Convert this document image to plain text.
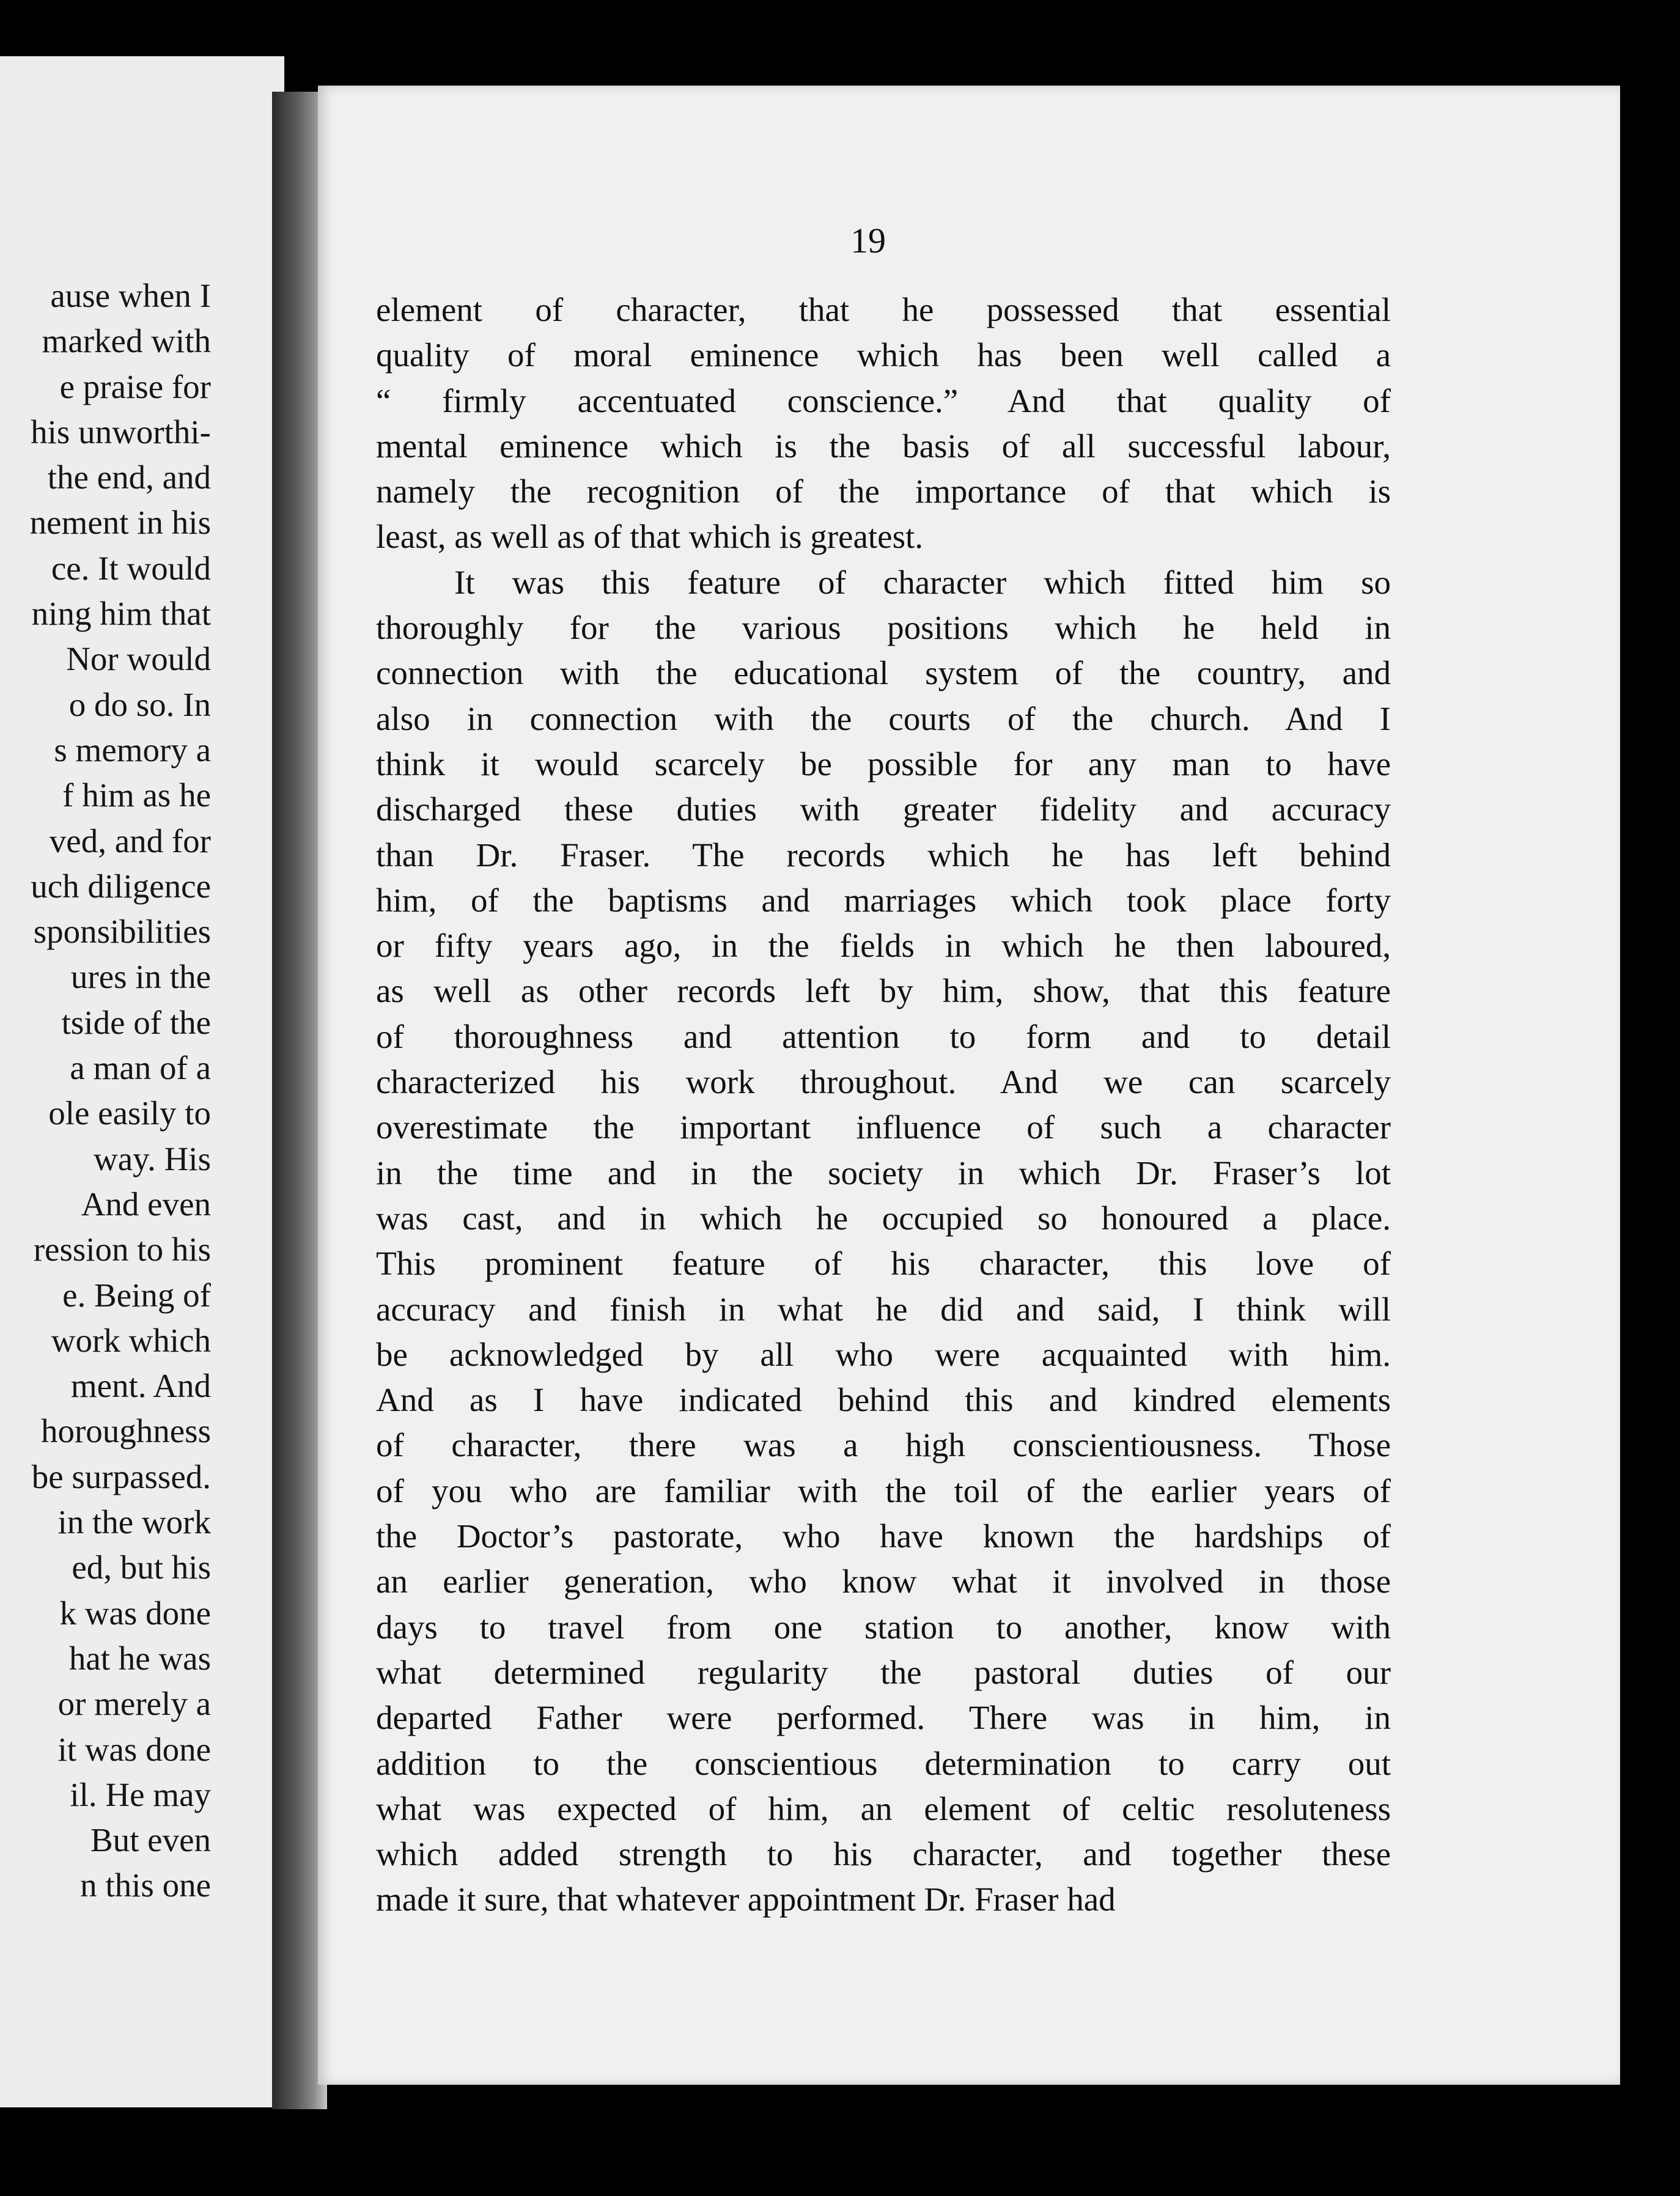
ause when I
marked with
e praise for
his unworthi-
the end, and
nement in his
ce. It would
ning him that
Nor would
o do so. In
s memory a
f him as he
ved, and for
uch diligence
sponsibilities
ures in the
tside of the
a man of a
ole easily to
way. His
And even
ression to his
e. Being of
work which
ment. And
horoughness
be surpassed.
in the work
ed, but his
k was done
hat he was
or merely a
it was done
il. He may
But even
n this one
19
element of character, that he possessed that essential
quality of moral eminence which has been well called a
“ firmly accentuated conscience.” And that quality of
mental eminence which is the basis of all successful labour,
namely the recognition of the importance of that which is
least, as well as of that which is greatest.
It was this feature of character which fitted him so
thoroughly for the various positions which he held in
connection with the educational system of the country, and
also in connection with the courts of the church. And I
think it would scarcely be possible for any man to have
discharged these duties with greater fidelity and accuracy
than Dr. Fraser. The records which he has left behind
him, of the baptisms and marriages which took place forty
or fifty years ago, in the fields in which he then laboured,
as well as other records left by him, show, that this feature
of thoroughness and attention to form and to detail
characterized his work throughout. And we can scarcely
overestimate the important influence of such a character
in the time and in the society in which Dr. Fraser’s lot
was cast, and in which he occupied so honoured a place.
This prominent feature of his character, this love of
accuracy and finish in what he did and said, I think will
be acknowledged by all who were acquainted with him.
And as I have indicated behind this and kindred elements
of character, there was a high conscientiousness. Those
of you who are familiar with the toil of the earlier years of
the Doctor’s pastorate, who have known the hardships of
an earlier generation, who know what it involved in those
days to travel from one station to another, know with
what determined regularity the pastoral duties of our
departed Father were performed. There was in him, in
addition to the conscientious determination to carry out
what was expected of him, an element of celtic resoluteness
which added strength to his character, and together these
made it sure, that whatever appointment Dr. Fraser had
